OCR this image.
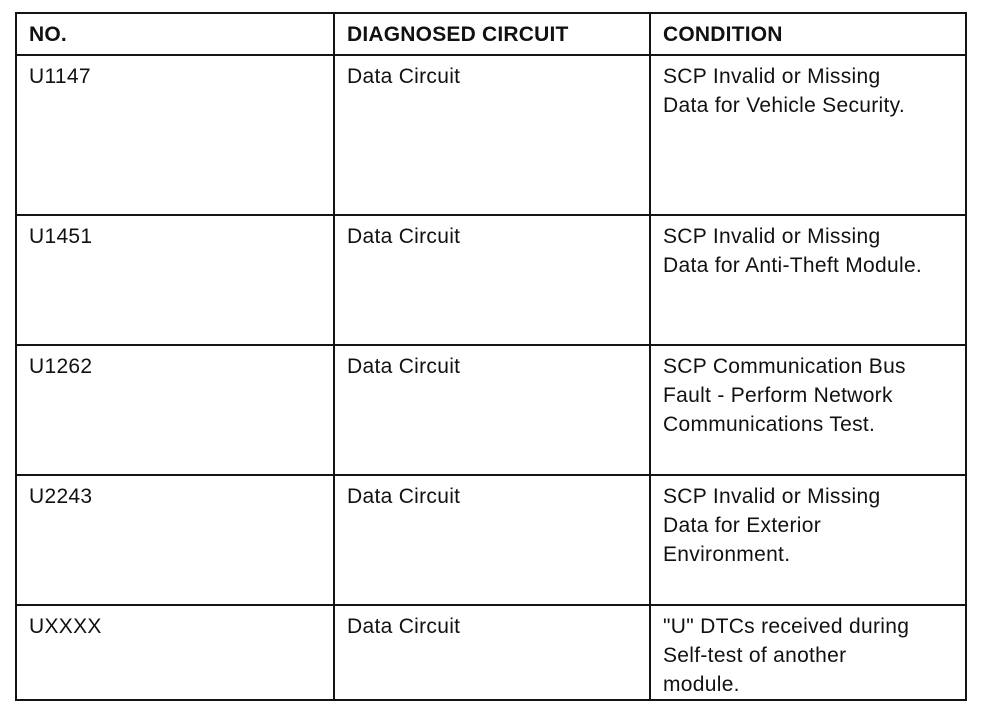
NO.	DIAGNOSED CIRCUIT	CONDITION
U1147	Data Circuit	SCP Invalid or Missing
Data for Vehicle Security.

U1451	Data Circuit	SCP Invalid or Missing
Data for Anti-Theft Module.

U1262	Data Circuit	SCP Communication Bus
Fault - Perform Network
Communications Test.

U2243	Data Circuit	SCP Invalid or Missing
Data for Exterior
Environment.

UXXXX	Data Circuit	"U" DTCs received during
Self-test of another
module.
